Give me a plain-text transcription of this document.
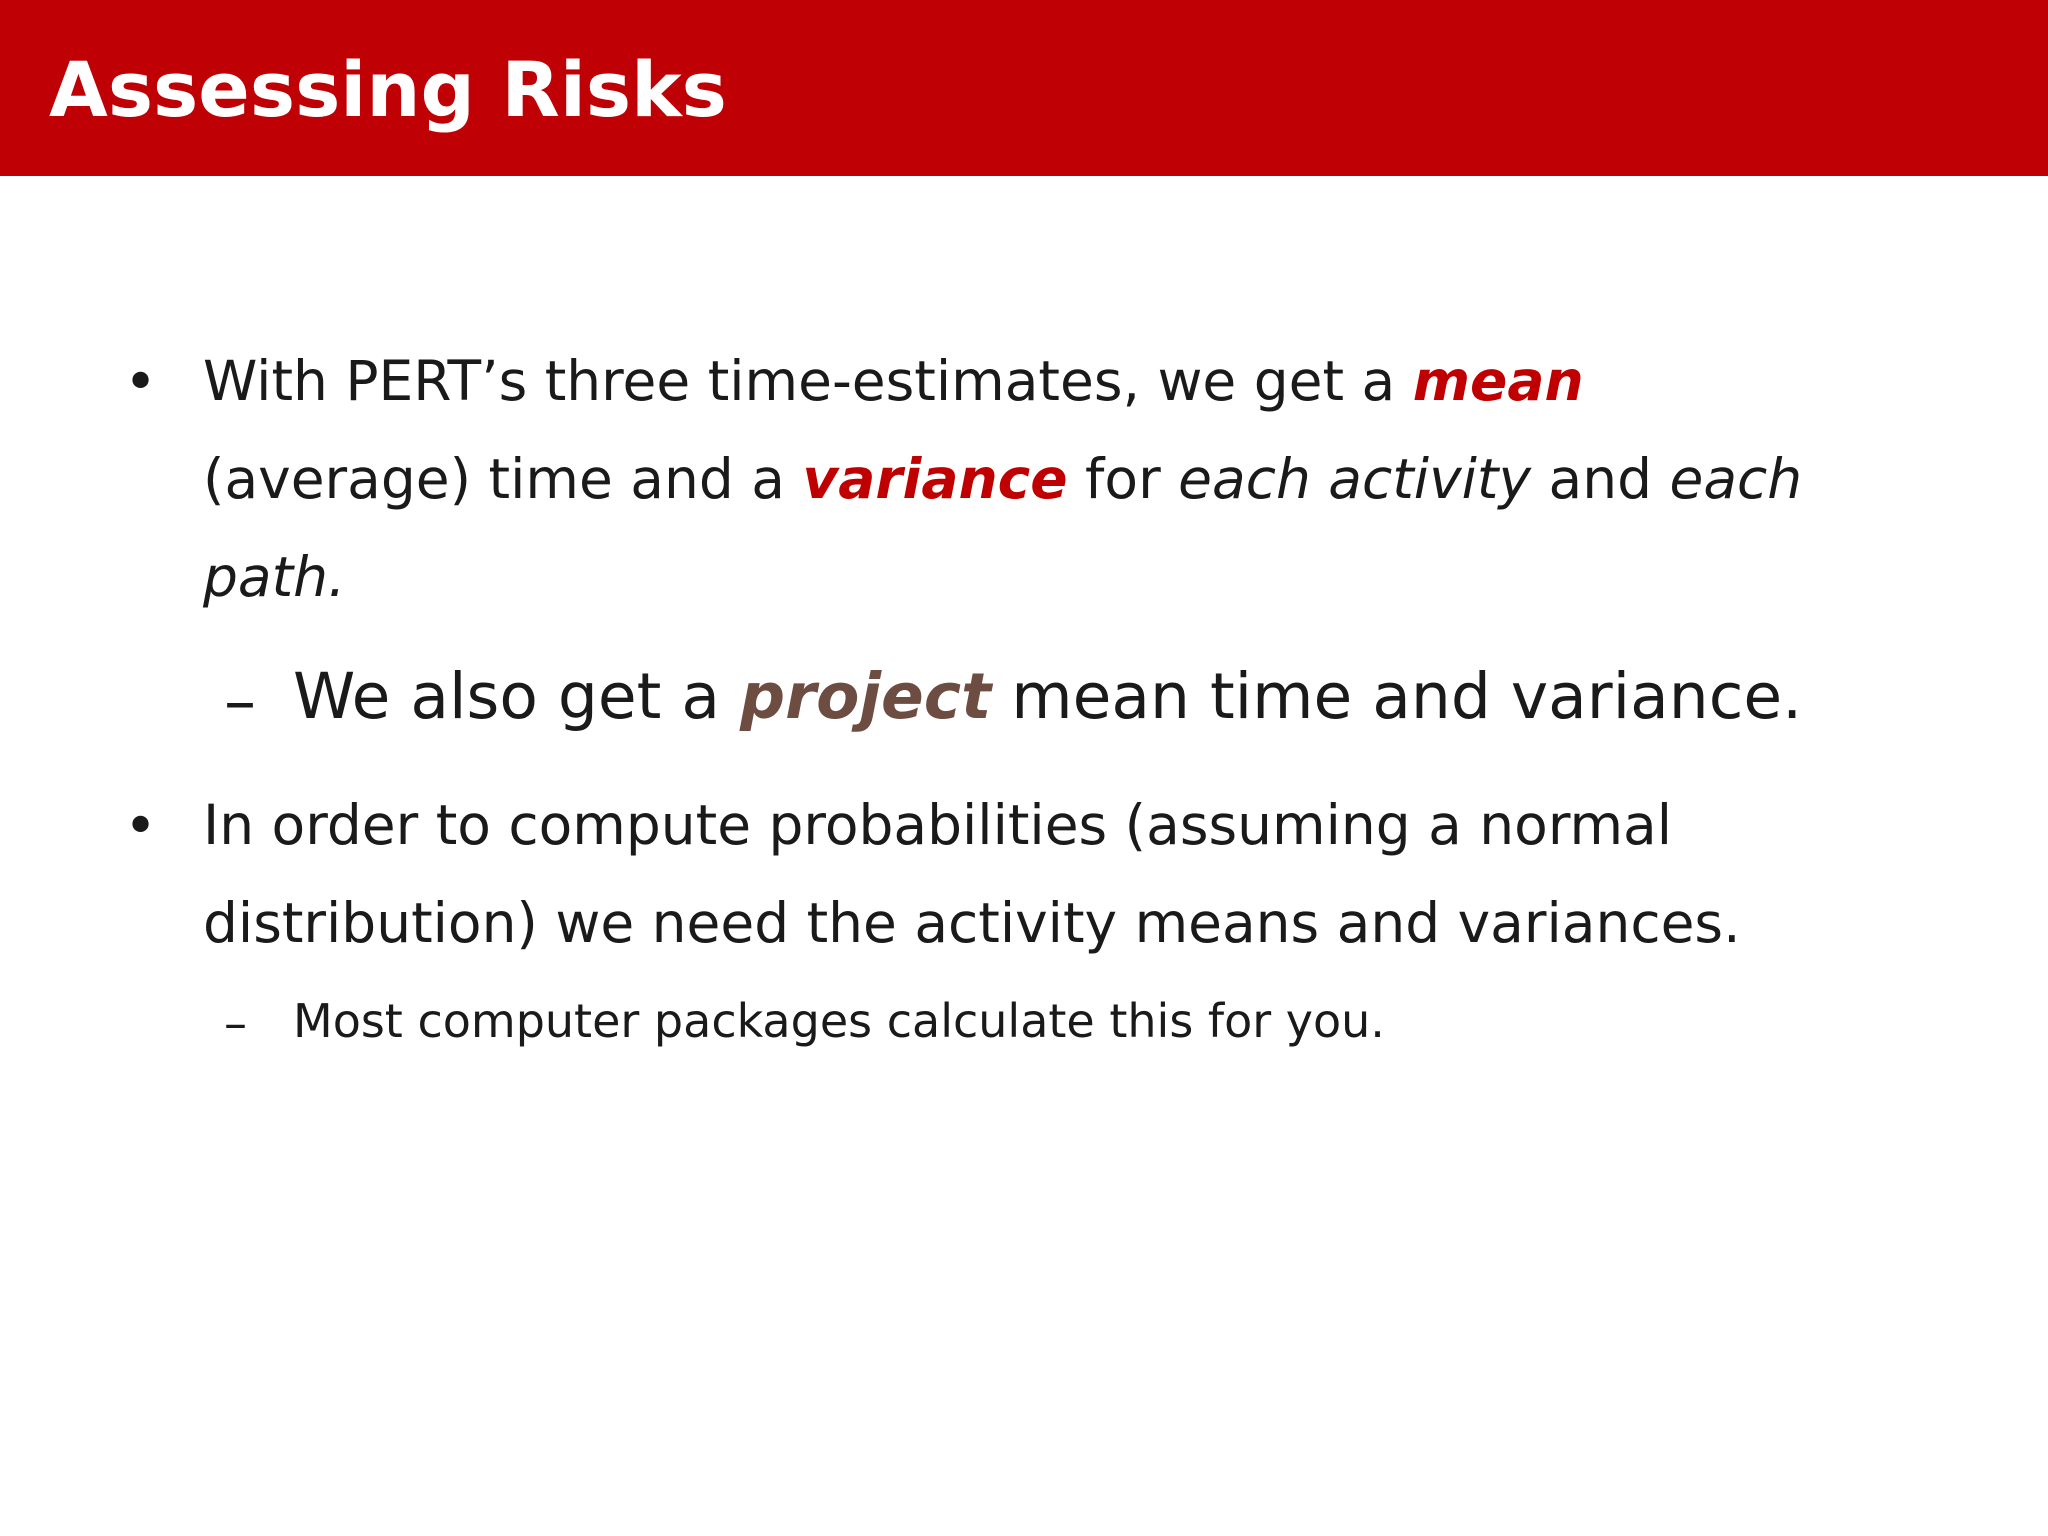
Assessing Risks
• With PERT’s three time-estimates, we get a mean (average) time and a variance for each activity and each path.

– We also get a project mean time and variance.

• In order to compute probabilities (assuming a normal distribution) we need the activity means and variances.

– Most computer packages calculate this for you.
